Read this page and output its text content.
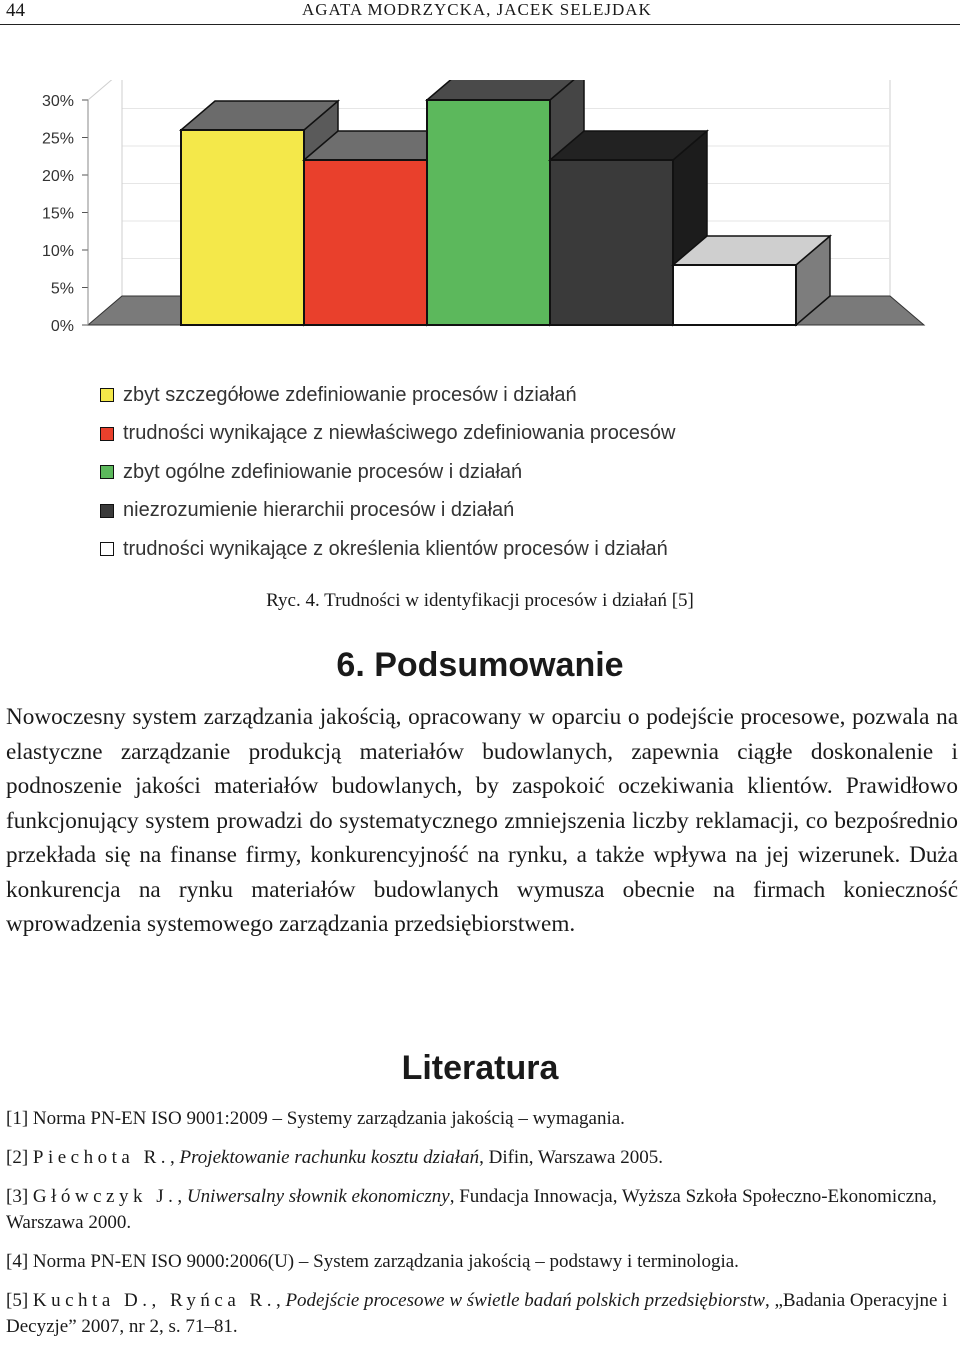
44	AGATA MODRZYCKA, JACEK SELEJDAK
30%
25%
20%
15%
10%
5%
0%
zbyt szczegółowe zdefiniowanie procesów i działań
trudności wynikające z niewłaściwego zdefiniowania procesów
zbyt ogólne zdefiniowanie procesów i działań
niezrozumienie hierarchii procesów i działań
trudności wynikające z określenia klientów procesów i działań
Ryc. 4. Trudności w identyfikacji procesów i działań [5]
6. Podsumowanie
Nowoczesny system zarządzania jakością, opracowany w oparciu o podejście procesowe, pozwala na elastyczne zarządzanie produkcją materiałów budowlanych, zapewnia ciągłe doskonalenie i podnoszenie jakości materiałów budowlanych, by zaspokoić oczekiwania klientów. Prawidłowo funkcjonujący system prowadzi do systematycznego zmniejszenia liczby reklamacji, co bezpośrednio przekłada się na finanse firmy, konkurencyjność na rynku, a także wpływa na jej wizerunek. Duża konkurencja na rynku materiałów budowlanych wymusza obecnie na firmach konieczność wprowadzenia systemowego zarządzania przedsiębiorstwem.
Literatura
[1] Norma PN-EN ISO 9001:2009 – Systemy zarządzania jakością – wymagania.
[2] Piechota R., Projektowanie rachunku kosztu działań, Difin, Warszawa 2005.
[3] Główczyk J., Uniwersalny słownik ekonomiczny, Fundacja Innowacja, Wyższa Szkoła Społeczno-Ekonomiczna, Warszawa 2000.
[4] Norma PN-EN ISO 9000:2006(U) – System zarządzania jakością – podstawy i terminologia.
[5] Kuchta D., Ryńca R., Podejście procesowe w świetle badań polskich przedsiębiorstw, „Badania Operacyjne i Decyzje” 2007, nr 2, s. 71–81.
